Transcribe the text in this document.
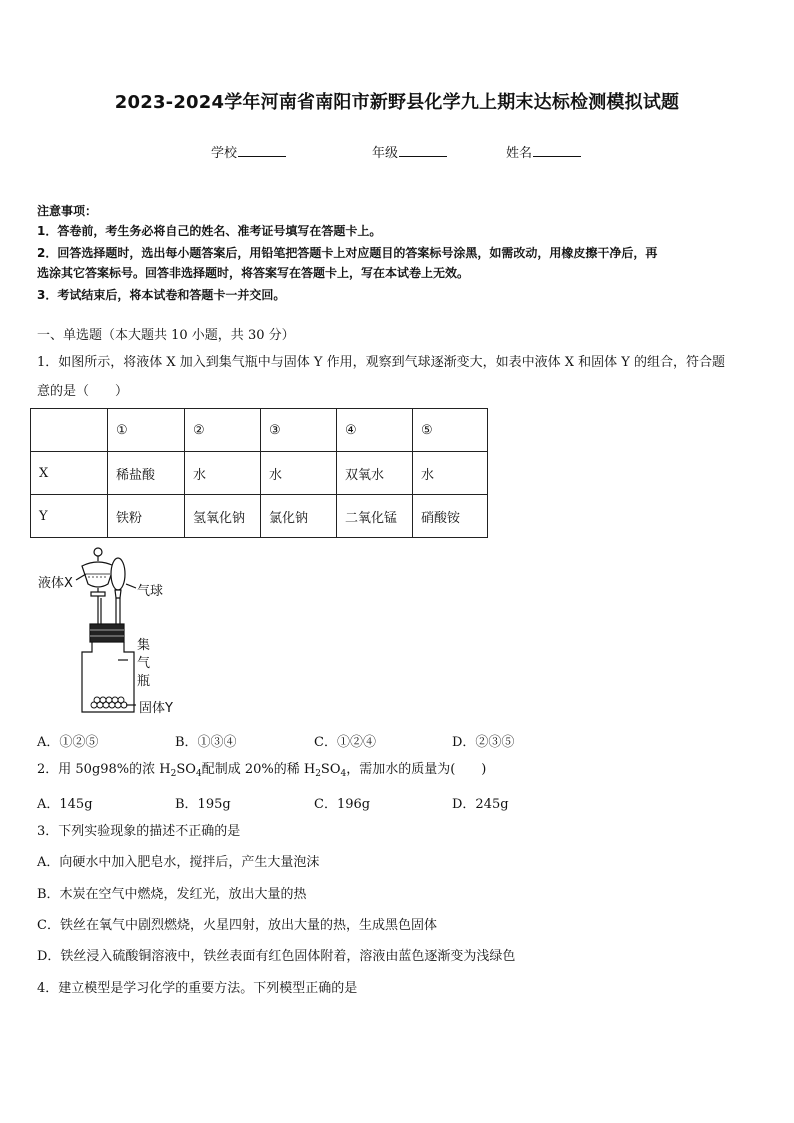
2023-2024学年河南省南阳市新野县化学九上期末达标检测模拟试题
学校	年级	姓名
注意事项：
1．答卷前，考生务必将自己的姓名、准考证号填写在答题卡上。
2．回答选择题时，选出每小题答案后，用铅笔把答题卡上对应题目的答案标号涂黑，如需改动，用橡皮擦干净后，再
选涂其它答案标号。回答非选择题时，将答案写在答题卡上，写在本试卷上无效。
3．考试结束后，将本试卷和答题卡一并交回。
一、单选题（本大题共 10 小题，共 30 分）
1．如图所示，将液体 X 加入到集气瓶中与固体 Y 作用，观察到气球逐渐变大，如表中液体 X 和固体 Y 的组合，符合题
意的是（　　）
	①	②	③	④	⑤
X	稀盐酸	水	水	双氧水	水
Y	铁粉	氢氧化钠	氯化钠	二氧化锰	硝酸铵
液体X
气球
集
气
瓶
固体Y
A．①②⑤	B．①③④	C．①②④	D．②③⑤
2．用 50g98%的浓 $H_2SO_4$配制成 20%的稀 $H_2SO_4$，需加水的质量为(　　)
A．145g	B．195g	C．196g	D．245g
3．下列实验现象的描述不正确的是
A．向硬水中加入肥皂水，搅拌后，产生大量泡沫
B．木炭在空气中燃烧，发红光，放出大量的热
C．铁丝在氧气中剧烈燃烧，火星四射，放出大量的热，生成黑色固体
D．铁丝浸入硫酸铜溶液中，铁丝表面有红色固体附着，溶液由蓝色逐渐变为浅绿色
4．建立模型是学习化学的重要方法。下列模型正确的是
